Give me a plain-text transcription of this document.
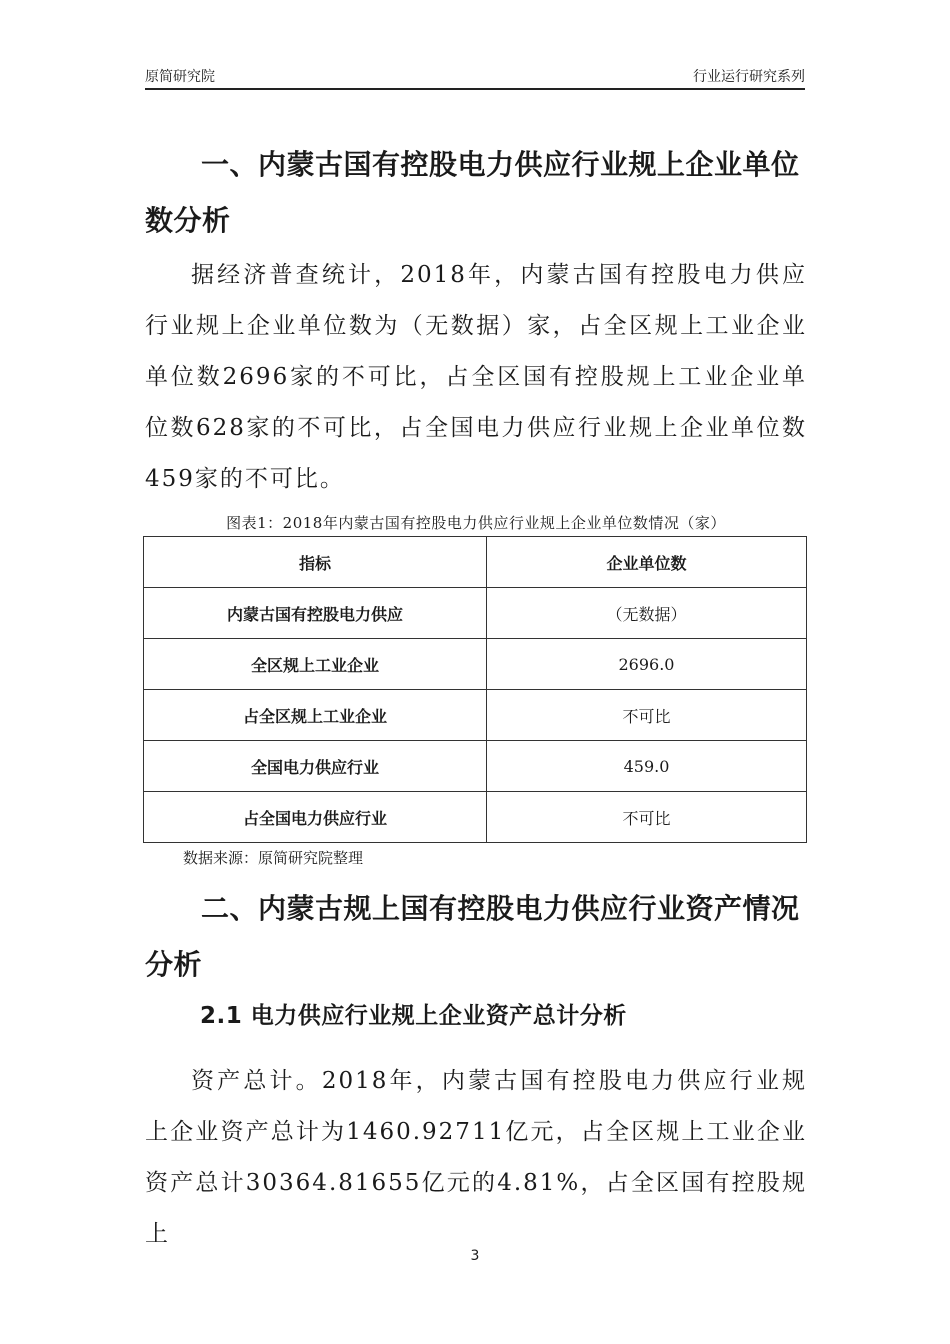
原简研究院	行业运行研究系列
一、内蒙古国有控股电力供应行业规上企业单位数分析
据经济普查统计，2018年，内蒙古国有控股电力供应行业规上企业单位数为（无数据）家，占全区规上工业企业单位数2696家的不可比，占全区国有控股规上工业企业单位数628家的不可比，占全国电力供应行业规上企业单位数459家的不可比。
图表1：2018年内蒙古国有控股电力供应行业规上企业单位数情况（家）
指标	企业单位数
内蒙古国有控股电力供应	（无数据）
全区规上工业企业	2696.0
占全区规上工业企业	不可比
全国电力供应行业	459.0
占全国电力供应行业	不可比
数据来源：原简研究院整理
二、内蒙古规上国有控股电力供应行业资产情况分析
2.1 电力供应行业规上企业资产总计分析
资产总计。2018年，内蒙古国有控股电力供应行业规上企业资产总计为1460.92711亿元，占全区规上工业企业资产总计30364.81655亿元的4.81%，占全区国有控股规上
3
